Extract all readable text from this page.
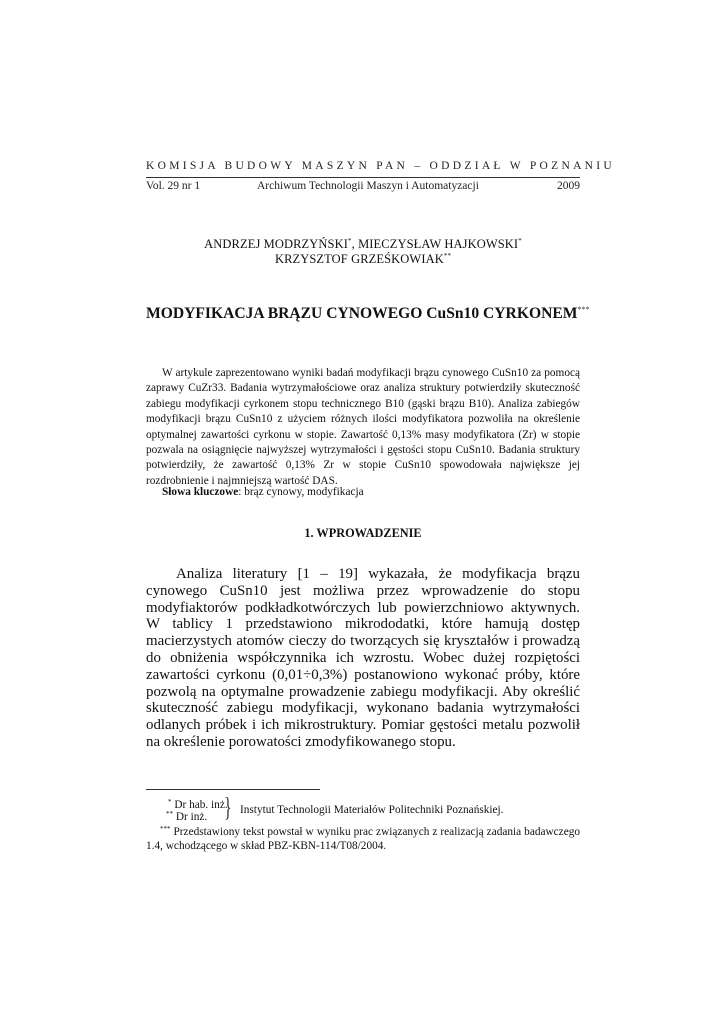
KOMISJA BUDOWY MASZYN PAN – ODDZIAŁ W POZNANIU
Vol. 29 nr 1	Archiwum Technologii Maszyn i Automatyzacji	2009
ANDRZEJ MODRZYŃSKI*, MIECZYSŁAW HAJKOWSKI*
KRZYSZTOF GRZEŚKOWIAK**
MODYFIKACJA BRĄZU CYNOWEGO CuSn10 CYRKONEM***

W artykule zaprezentowano wyniki badań modyfikacji brązu cynowego CuSn10 za pomocą zaprawy CuZr33. Badania wytrzymałościowe oraz analiza struktury potwierdziły skuteczność zabiegu modyfikacji cyrkonem stopu technicznego B10 (gąski brązu B10). Analiza zabiegów modyfikacji brązu CuSn10 z użyciem różnych ilości modyfikatora pozwoliła na określenie optymalnej zawartości cyrkonu w stopie. Zawartość 0,13% masy modyfikatora (Zr) w stopie pozwala na osiągnięcie najwyższej wytrzymałości i gęstości stopu CuSn10. Badania struktury potwierdziły, że zawartość 0,13% Zr w stopie CuSn10 spowodowała największe jej rozdrobnienie i najmniejszą wartość DAS.

Słowa kluczowe: brąz cynowy, modyfikacja
1. WPROWADZENIE

Analiza literatury [1 – 19] wykazała, że modyfikacja brązu cynowego CuSn10 jest możliwa przez wprowadzenie do stopu modyfiaktorów podkładkotwórczych lub powierzchniowo aktywnych. W tablicy 1 przedstawiono mikrododatki, które hamują dostęp macierzystych atomów cieczy do tworzących się kryształów i prowadzą do obniżenia współczynnika ich wzrostu. Wobec dużej rozpiętości zawartości cyrkonu (0,01÷0,3%) postanowiono wykonać próby, które pozwolą na optymalne prowadzenie zabiegu modyfikacji. Aby określić skuteczność zabiegu modyfikacji, wykonano badania wytrzymałości odlanych próbek i ich mikrostruktury. Pomiar gęstości metalu pozwolił na określenie porowatości zmodyfikowanego stopu.

* Dr hab. inż.
** Dr inż. } Instytut Technologii Materiałów Politechniki Poznańskiej.

*** Przedstawiony tekst powstał w wyniku prac związanych z realizacją zadania badawczego 1.4, wchodzącego w skład PBZ-KBN-114/T08/2004.
